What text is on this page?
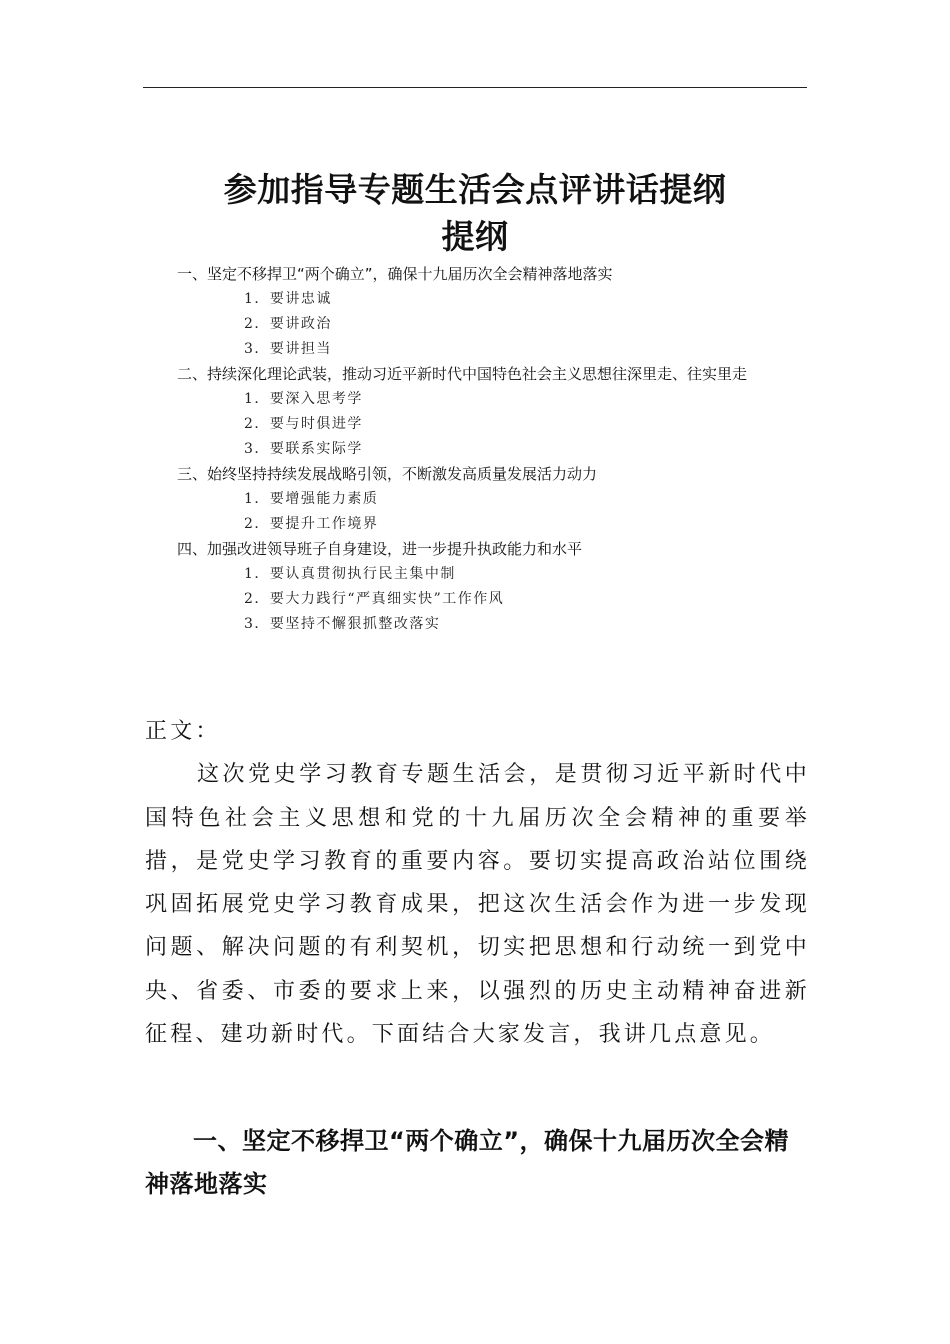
参加指导专题生活会点评讲话提纲
提纲
一、坚定不移捍卫“两个确立”，确保十九届历次全会精神落地落实
1．要讲忠诚
2．要讲政治
3．要讲担当
二、持续深化理论武装，推动习近平新时代中国特色社会主义思想往深里走、往实里走
1．要深入思考学
2．要与时俱进学
3．要联系实际学
三、始终坚持持续发展战略引领，不断激发高质量发展活力动力
1．要增强能力素质
2．要提升工作境界
四、加强改进领导班子自身建设，进一步提升执政能力和水平
1．要认真贯彻执行民主集中制
2．要大力践行“严真细实快”工作作风
3．要坚持不懈狠抓整改落实

正文：

这次党史学习教育专题生活会，是贯彻习近平新时代中国特色社会主义思想和党的十九届历次全会精神的重要举措，是党史学习教育的重要内容。要切实提高政治站位围绕巩固拓展党史学习教育成果，把这次生活会作为进一步发现问题、解决问题的有利契机，切实把思想和行动统一到党中央、省委、市委的要求上来，以强烈的历史主动精神奋进新征程、建功新时代。下面结合大家发言，我讲几点意见。

一、坚定不移捍卫“两个确立”，确保十九届历次全会精神落地落实
